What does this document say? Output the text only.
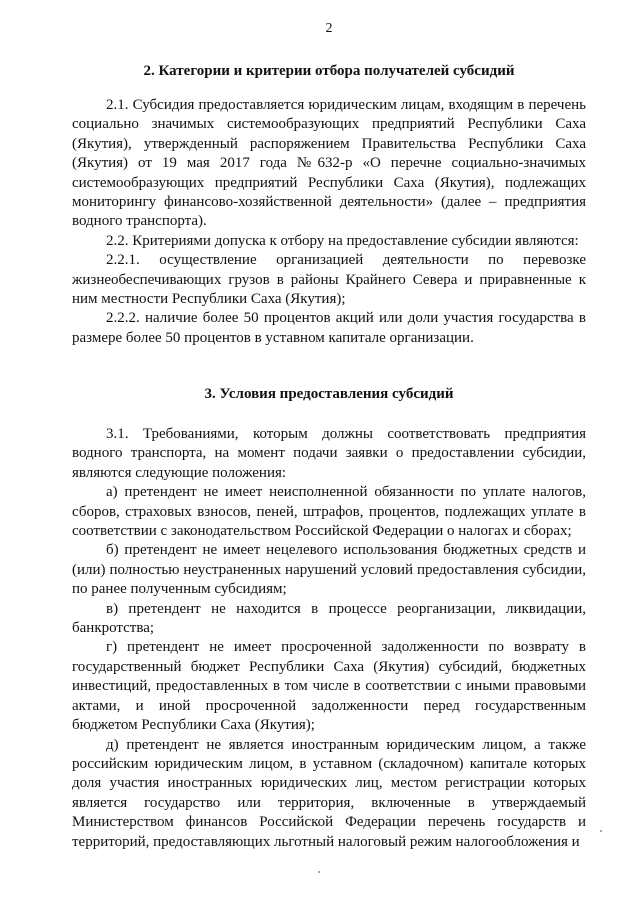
2
2. Категории и критерии отбора получателей субсидий

2.1. Субсидия предоставляется юридическим лицам, входящим в перечень социально значимых системообразующих предприятий Республики Саха (Якутия), утвержденный распоряжением Правительства Республики Саха (Якутия) от 19 мая 2017 года №632-р «О перечне социально-значимых системообразующих предприятий Республики Саха (Якутия), подлежащих мониторингу финансово-хозяйственной деятельности» (далее – предприятия водного транспорта).

2.2. Критериями допуска к отбору на предоставление субсидии являются:

2.2.1. осуществление организацией деятельности по перевозке жизнеобеспечивающих грузов в районы Крайнего Севера и приравненные к ним местности Республики Саха (Якутия);

2.2.2. наличие более 50 процентов акций или доли участия государства в размере более 50 процентов в уставном капитале организации.

3. Условия предоставления субсидий

3.1. Требованиями, которым должны соответствовать предприятия водного транспорта, на момент подачи заявки о предоставлении субсидии, являются следующие положения:

а) претендент не имеет неисполненной обязанности по уплате налогов, сборов, страховых взносов, пеней, штрафов, процентов, подлежащих уплате в соответствии с законодательством Российской Федерации о налогах и сборах;

б) претендент не имеет нецелевого использования бюджетных средств и (или) полностью неустраненных нарушений условий предоставления субсидии, по ранее полученным субсидиям;

в) претендент не находится в процессе реорганизации, ликвидации, банкротства;

г) претендент не имеет просроченной задолженности по возврату в государственный бюджет Республики Саха (Якутия) субсидий, бюджетных инвестиций, предоставленных в том числе в соответствии с иными правовыми актами, и иной просроченной задолженности перед государственным бюджетом Республики Саха (Якутия);

д) претендент не является иностранным юридическим лицом, а также российским юридическим лицом, в уставном (складочном) капитале которых доля участия иностранных юридических лиц, местом регистрации которых является государство или территория, включенные в утверждаемый Министерством финансов Российской Федерации перечень государств и территорий, предоставляющих льготный налоговый режим налогообложения и
